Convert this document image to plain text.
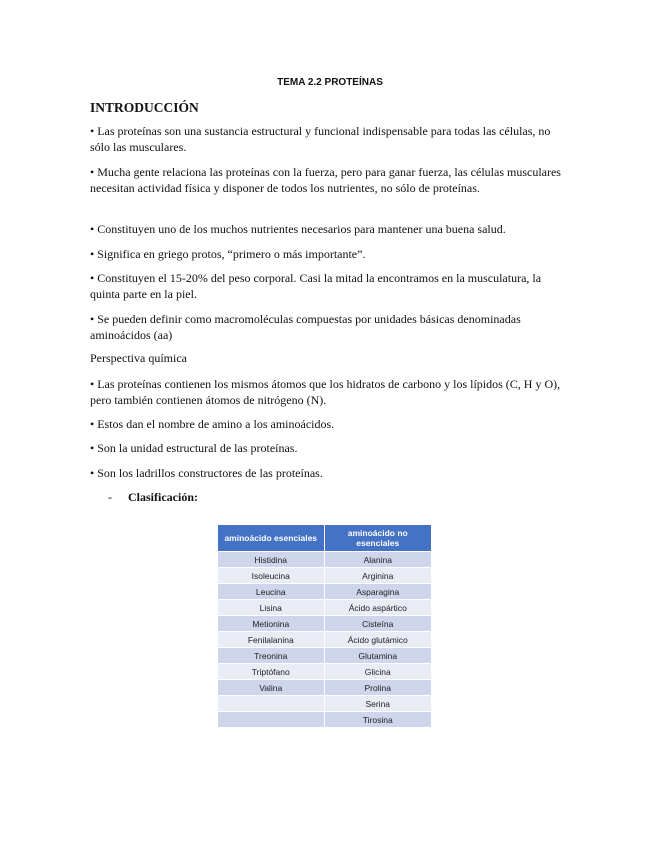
TEMA 2.2 PROTEÍNAS
INTRODUCCIÓN
• Las proteínas son una sustancia estructural y funcional indispensable para todas las células, no sólo las musculares.
• Mucha gente relaciona las proteínas con la fuerza, pero para ganar fuerza, las células musculares necesitan actividad física y disponer de todos los nutrientes, no sólo de proteínas.
• Constituyen uno de los muchos nutrientes necesarios para mantener una buena salud.
• Significa en griego protos, “primero o más importante”.
• Constituyen el 15-20% del peso corporal. Casi la mitad la encontramos en la musculatura, la quinta parte en la piel.
• Se pueden definir como macromoléculas compuestas por unidades básicas denominadas aminoácidos (aa)
Perspectiva química
• Las proteínas contienen los mismos átomos que los hidratos de carbono y los lípidos (C, H y O), pero también contienen átomos de nitrógeno (N).
• Estos dan el nombre de amino a los aminoácidos.
• Son la unidad estructural de las proteínas.
• Son los ladrillos constructores de las proteínas.
- Clasificación:
aminoácido esenciales	aminoácido no esenciales
Histidina	Alanina
Isoleucina	Arginina
Leucina	Asparagina
Lisina	Ácido aspártico
Metionina	Cisteína
Fenilalanina	Ácido glutámico
Treonina	Glutamina
Triptófano	Glicina
Valina	Prolina
	Serina
	Tirosina
